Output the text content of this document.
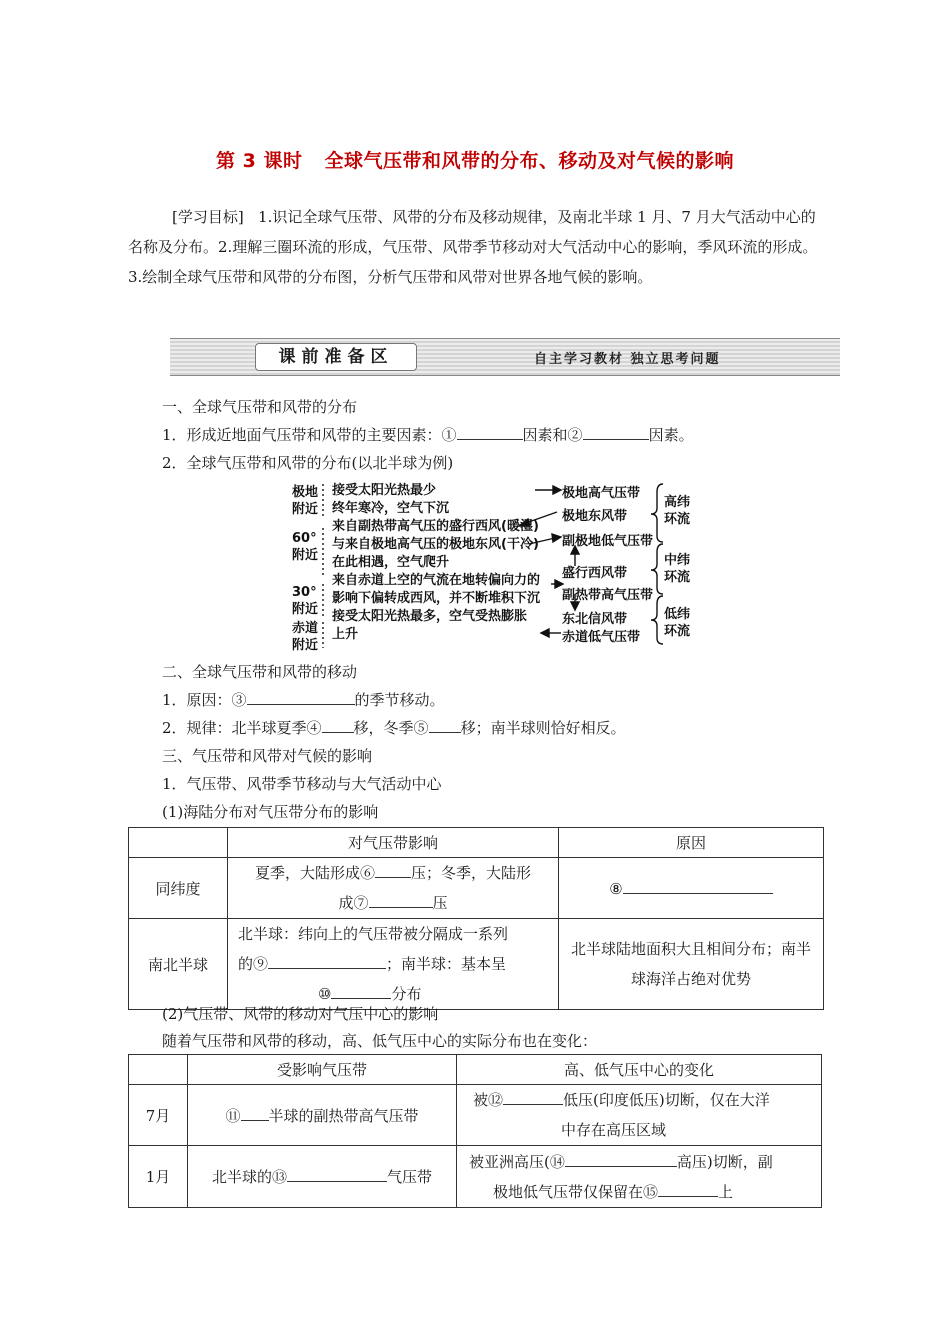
第 3 课时 全球气压带和风带的分布、移动及对气候的影响
[学习目标] 1.识记全球气压带、风带的分布及移动规律，及南北半球 1 月、7 月大气活动中心的名称及分布。2.理解三圈环流的形成，气压带、风带季节移动对大气活动中心的影响，季风环流的形成。3.绘制全球气压带和风带的分布图，分析气压带和风带对世界各地气候的影响。
课前准备区	自主学习教材 独立思考问题
一、全球气压带和风带的分布
1．形成近地面气压带和风带的主要因素：①	因素和②	因素。
2．全球气压带和风带的分布(以北半球为例)
极地
附近
60°
附近
30°
附近
赤道
附近
接受太阳光热最少
终年寒冷，空气下沉
来自副热带高气压的盛行西风(暖湿)
与来自极地高气压的极地东风(干冷)
在此相遇，空气爬升
来自赤道上空的气流在地转偏向力的
影响下偏转成西风，并不断堆积下沉
接受太阳光热最多，空气受热膨胀
上升
极地高气压带
极地东风带
副极地低气压带
盛行西风带
副热带高气压带
东北信风带
赤道低气压带
高纬
环流
中纬
环流
低纬
环流
二、全球气压带和风带的移动
1．原因：③	的季节移动。
2．规律：北半球夏季④ 移，冬季⑤ 移；南半球则恰好相反。
三、气压带和风带对气候的影响
1．气压带、风带季节移动与大气活动中心
(1)海陆分布对气压带分布的影响
	对气压带影响	原因
同纬度	夏季，大陆形成⑥ 压；冬季，大陆形
成⑦ 压	⑧
南北半球	北半球：纬向上的气压带被分隔成一系列
的⑨ ；南半球：基本呈
⑩ 分布	北半球陆地面积大且相间分布；南半球海洋占绝对优势
(2)气压带、风带的移动对气压中心的影响
随着气压带和风带的移动，高、低气压中心的实际分布也在变化：
	受影响气压带	高、低气压中心的变化
7月	⑪ 半球的副热带高气压带	被⑫ 低压(印度低压)切断，仅在大洋
中存在高压区域
1月	北半球的⑬ 气压带	被亚洲高压(⑭ 高压)切断，副
极地低气压带仅保留在⑮ 上
